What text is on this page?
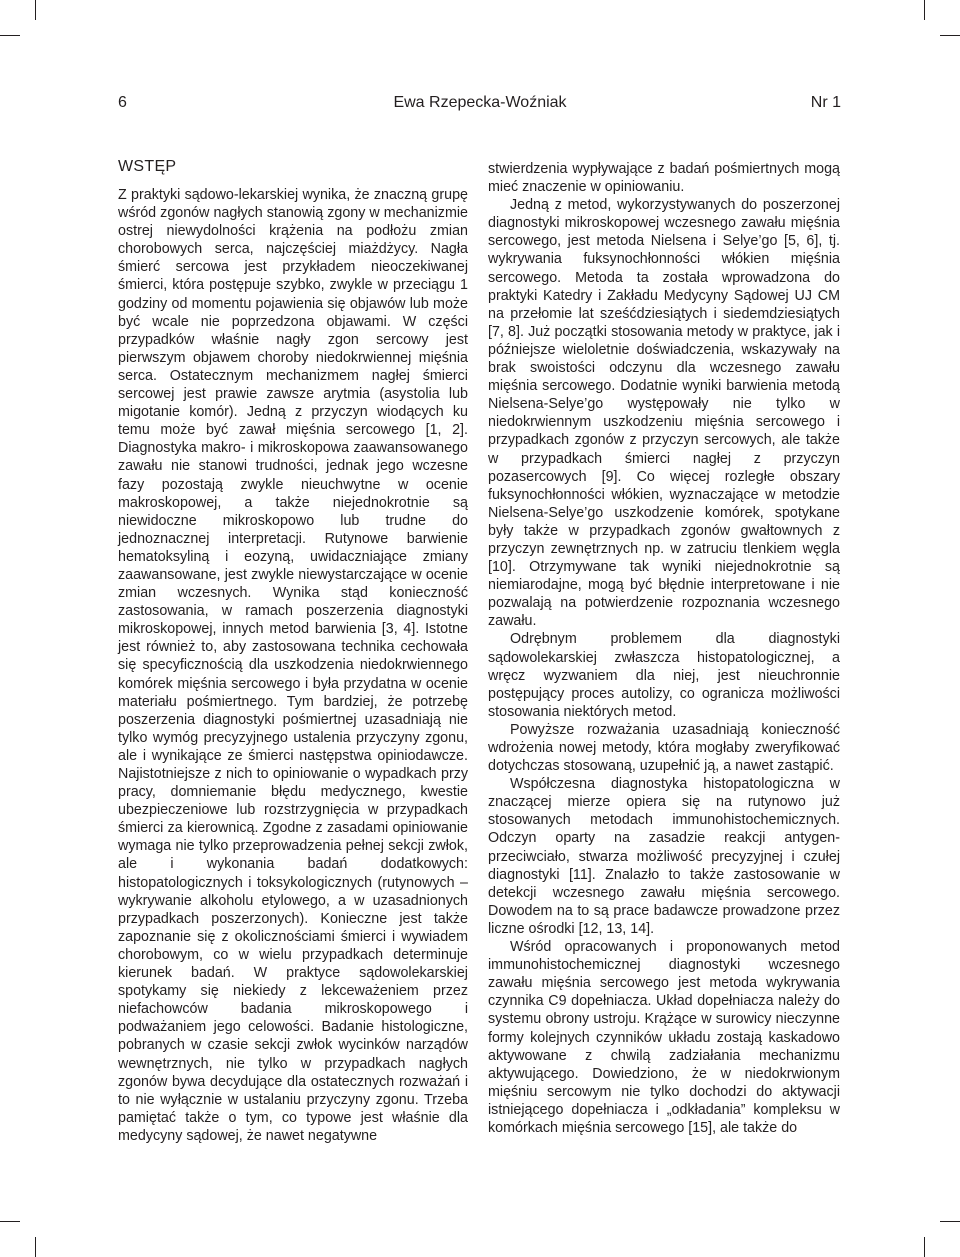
6	Ewa Rzepecka-Woźniak	Nr 1
WSTĘP

Z praktyki sądowo-lekarskiej wynika, że znaczną grupę wśród zgonów nagłych stanowią zgony w mechanizmie ostrej niewydolności krążenia na podłożu zmian chorobowych serca, najczęściej miażdżycy. Nagła śmierć sercowa jest przykładem nieoczekiwanej śmierci, która postępuje szybko, zwykle w przeciągu 1 godziny od momentu pojawienia się objawów lub może być wcale nie poprzedzona objawami. W części przypadków właśnie nagły zgon sercowy jest pierwszym objawem choroby niedokrwiennej mięśnia serca. Ostatecznym mechanizmem nagłej śmierci sercowej jest prawie zawsze arytmia (asystolia lub migotanie komór). Jedną z przyczyn wiodących ku temu może być zawał mięśnia sercowego [1, 2]. Diagnostyka makro- i mikroskopowa zaawansowanego zawału nie stanowi trudności, jednak jego wczesne fazy pozostają zwykle nieuchwytne w ocenie makroskopowej, a także niejednokrotnie są niewidoczne mikroskopowo lub trudne do jednoznacznej interpretacji. Rutynowe barwienie hematoksyliną i eozyną, uwidaczniające zmiany zaawansowane, jest zwykle niewystarczające w ocenie zmian wczesnych. Wynika stąd konieczność zastosowania, w ramach poszerzenia diagnostyki mikroskopowej, innych metod barwienia [3, 4]. Istotne jest również to, aby zastosowana technika cechowała się specyficznością dla uszkodzenia niedokrwiennego komórek mięśnia sercowego i była przydatna w ocenie materiału pośmiertnego. Tym bardziej, że potrzebę poszerzenia diagnostyki pośmiertnej uzasadniają nie tylko wymóg precyzyjnego ustalenia przyczyny zgonu, ale i wynikające ze śmierci następstwa opiniodawcze. Najistotniejsze z nich to opiniowanie o wypadkach przy pracy, domniemanie błędu medycznego, kwestie ubezpieczeniowe lub rozstrzygnięcia w przypadkach śmierci za kierownicą. Zgodne z zasadami opiniowanie wymaga nie tylko przeprowadzenia pełnej sekcji zwłok, ale i wykonania badań dodatkowych: histopatologicznych i toksykologicznych (rutynowych – wykrywanie alkoholu etylowego, a w uzasadnionych przypadkach poszerzonych). Konieczne jest także zapoznanie się z okolicznościami śmierci i wywiadem chorobowym, co w wielu przypadkach determinuje kierunek badań. W praktyce sądowolekarskiej spotykamy się niekiedy z lekceważeniem przez niefachowców badania mikroskopowego i podważaniem jego celowości. Badanie histologiczne, pobranych w czasie sekcji zwłok wycinków narządów wewnętrznych, nie tylko w przypadkach nagłych zgonów bywa decydujące dla ostatecznych rozważań i to nie wyłącznie w ustalaniu przyczyny zgonu. Trzeba pamiętać także o tym, co typowe jest właśnie dla medycyny sądowej, że nawet negatywne

stwierdzenia wypływające z badań pośmiertnych mogą mieć znaczenie w opiniowaniu.

Jedną z metod, wykorzystywanych do poszerzonej diagnostyki mikroskopowej wczesnego zawału mięśnia sercowego, jest metoda Nielsena i Selye’go [5, 6], tj. wykrywania fuksynochłonności włókien mięśnia sercowego. Metoda ta została wprowadzona do praktyki Katedry i Zakładu Medycyny Sądowej UJ CM na przełomie lat sześćdziesiątych i siedemdziesiątych [7, 8]. Już początki stosowania metody w praktyce, jak i późniejsze wieloletnie doświadczenia, wskazywały na brak swoistości odczynu dla wczesnego zawału mięśnia sercowego. Dodatnie wyniki barwienia metodą Nielsena-Selye’go występowały nie tylko w niedokrwiennym uszkodzeniu mięśnia sercowego i przypadkach zgonów z przyczyn sercowych, ale także w przypadkach śmierci nagłej z przyczyn pozasercowych [9]. Co więcej rozległe obszary fuksynochłonności włókien, wyznaczające w metodzie Nielsena-Selye’go uszkodzenie komórek, spotykane były także w przypadkach zgonów gwałtownych z przyczyn zewnętrznych np. w zatruciu tlenkiem węgla [10]. Otrzymywane tak wyniki niejednokrotnie są niemiarodajne, mogą być błędnie interpretowane i nie pozwalają na potwierdzenie rozpoznania wczesnego zawału.

Odrębnym problemem dla diagnostyki sądowolekarskiej zwłaszcza histopatologicznej, a wręcz wyzwaniem dla niej, jest nieuchronnie postępujący proces autolizy, co ogranicza możliwości stosowania niektórych metod.

Powyższe rozważania uzasadniają konieczność wdrożenia nowej metody, która mogłaby zweryfikować dotychczas stosowaną, uzupełnić ją, a nawet zastąpić.

Współczesna diagnostyka histopatologiczna w znaczącej mierze opiera się na rutynowo już stosowanych metodach immunohistochemicznych. Odczyn oparty na zasadzie reakcji antygen-przeciwciało, stwarza możliwość precyzyjnej i czułej diagnostyki [11]. Znalazło to także zastosowanie w detekcji wczesnego zawału mięśnia sercowego. Dowodem na to są prace badawcze prowadzone przez liczne ośrodki [12, 13, 14].

Wśród opracowanych i proponowanych metod immunohistochemicznej diagnostyki wczesnego zawału mięśnia sercowego jest metoda wykrywania czynnika C9 dopełniacza. Układ dopełniacza należy do systemu obrony ustroju. Krążące w surowicy nieczynne formy kolejnych czynników układu zostają kaskadowo aktywowane z chwilą zadziałania mechanizmu aktywującego. Dowiedziono, że w niedokrwionym mięśniu sercowym nie tylko dochodzi do aktywacji istniejącego dopełniacza i „odkładania” kompleksu w komórkach mięśnia sercowego [15], ale także do
